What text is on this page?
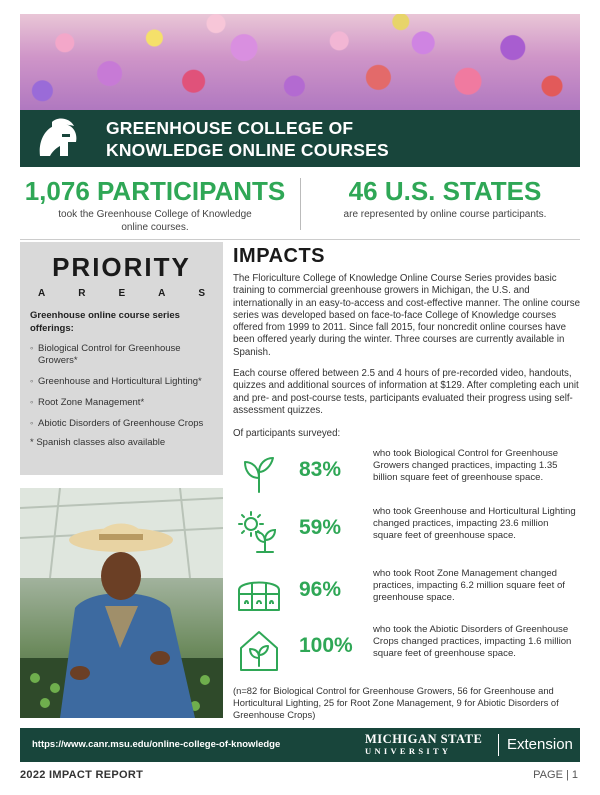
GREENHOUSE COLLEGE OF
KNOWLEDGE ONLINE COURSES
1,076 PARTICIPANTS
took the Greenhouse College of Knowledge
online courses.
46 U.S. STATES
are represented by online course participants.
PRIORITY
A	R	E	A	S
Greenhouse online course series offerings:
◦ Biological Control for Greenhouse Growers*
◦ Greenhouse and Horticultural Lighting*
◦ Root Zone Management*
◦ Abiotic Disorders of Greenhouse Crops
* Spanish classes also available
IMPACTS

The Floriculture College of Knowledge Online Course Series provides basic training to commercial greenhouse growers in Michigan, the U.S. and internationally in an easy-to-access and cost-effective manner. The online course series was developed based on face-to-face College of Knowledge courses offered from 1999 to 2011. Since fall 2015, four noncredit online courses have been offered yearly during the winter. Three courses are currently available in Spanish.

Each course offered between 2.5 and 4 hours of pre-recorded video, handouts, quizzes and additional sources of information at $129. After completing each unit and pre- and post-course tests, participants evaluated their progress using self-assessment quizzes.

Of participants surveyed:

83%
who took Biological Control for Greenhouse Growers changed practices, impacting 1.35 billion square feet of greenhouse space.
59%
who took Greenhouse and Horticultural Lighting changed practices, impacting 23.6 million square feet of greenhouse space.
96%
who took Root Zone Management changed practices, impacting 6.2 million square feet of greenhouse space.
100%
who took the Abiotic Disorders of Greenhouse Crops changed practices, impacting 1.6 million square feet of greenhouse space.
(n=82 for Biological Control for Greenhouse Growers, 56 for Greenhouse and Horticultural Lighting, 25 for Root Zone Management, 9 for Abiotic Disorders of Greenhouse Crops)
https://www.canr.msu.edu/online-college-of-knowledge	MICHIGAN STATE
UNIVERSITY	Extension
2022 IMPACT REPORT	PAGE | 1
